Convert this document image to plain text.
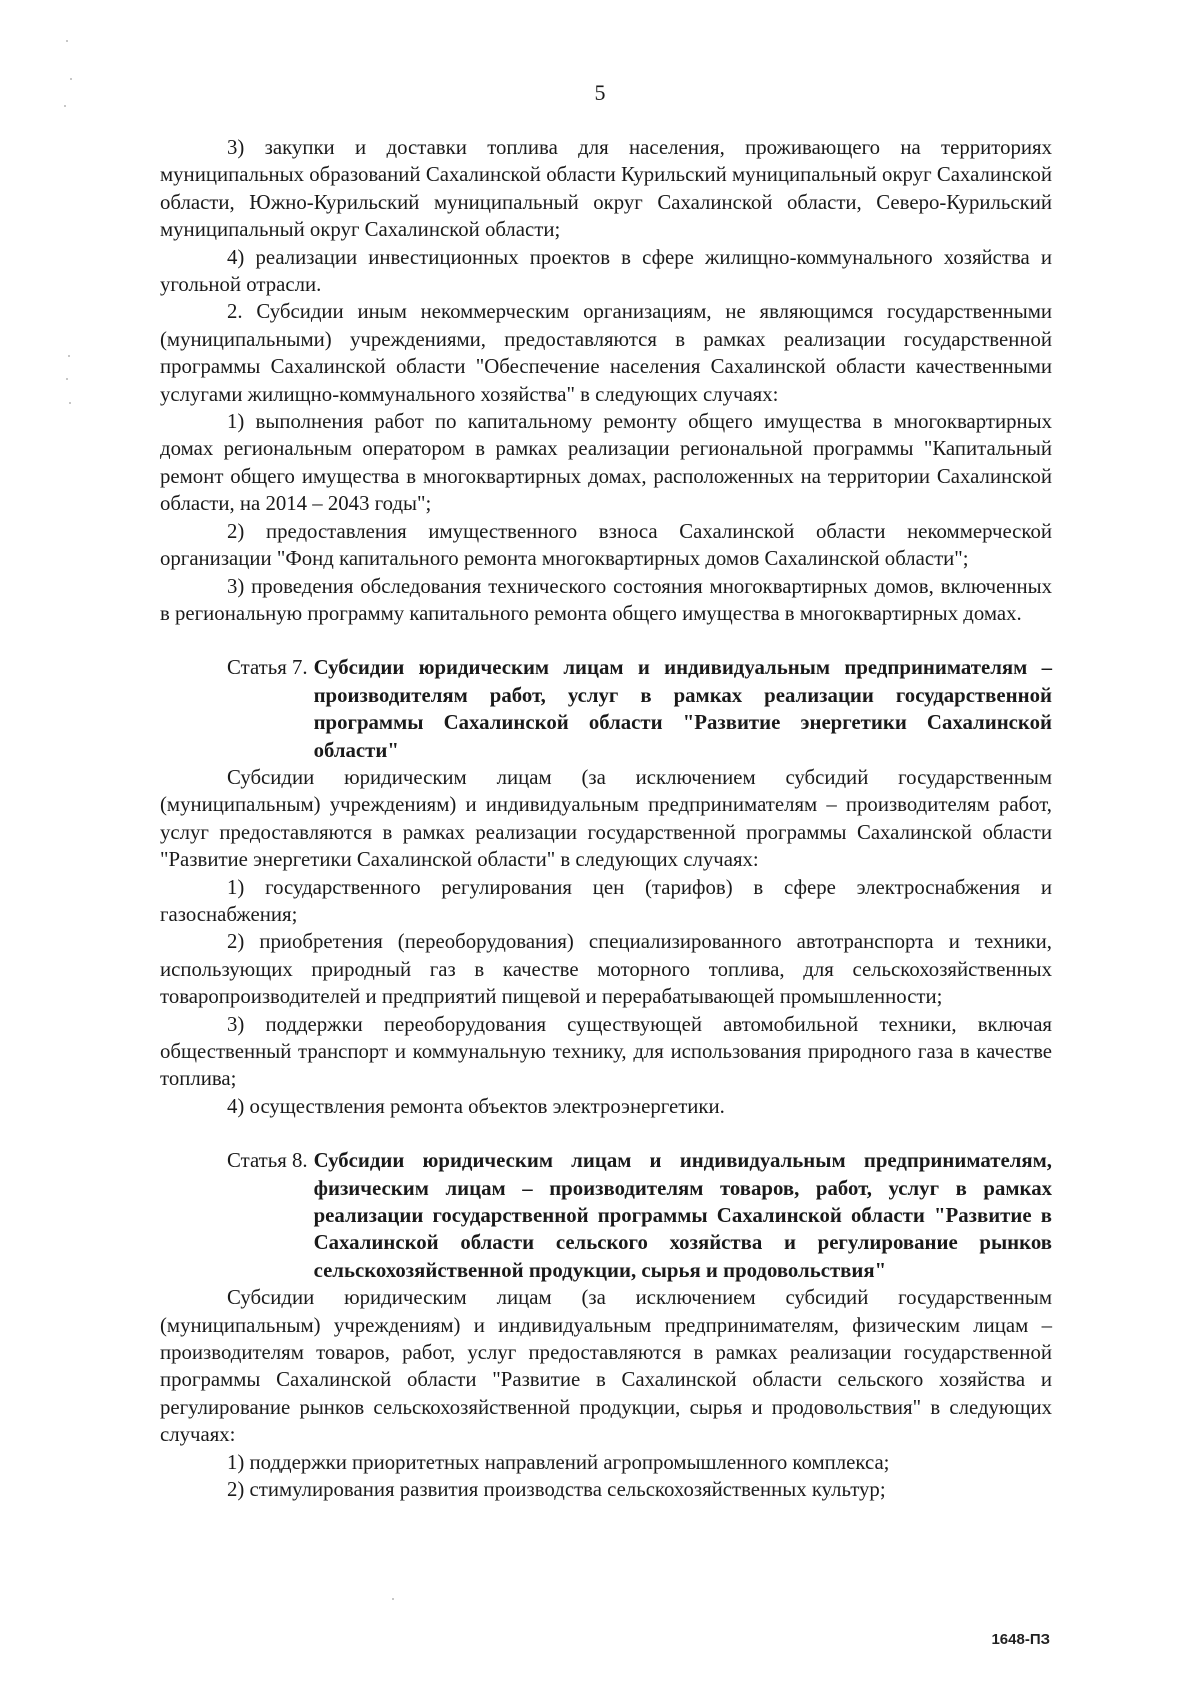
5

3) закупки и доставки топлива для населения, проживающего на территориях муниципальных образований Сахалинской области Курильский муниципальный округ Сахалинской области, Южно-Курильский муниципальный округ Сахалинской области, Северо-Курильский муниципальный округ Сахалинской области;

4) реализации инвестиционных проектов в сфере жилищно-коммунального хозяйства и угольной отрасли.

2. Субсидии иным некоммерческим организациям, не являющимся государственными (муниципальными) учреждениями, предоставляются в рамках реализации государственной программы Сахалинской области "Обеспечение населения Сахалинской области качественными услугами жилищно-коммунального хозяйства" в следующих случаях:

1) выполнения работ по капитальному ремонту общего имущества в многоквартирных домах региональным оператором в рамках реализации региональной программы "Капитальный ремонт общего имущества в многоквартирных домах, расположенных на территории Сахалинской области, на 2014 – 2043 годы";

2) предоставления имущественного взноса Сахалинской области некоммерческой организации "Фонд капитального ремонта многоквартирных домов Сахалинской области";

3) проведения обследования технического состояния многоквартирных домов, включенных в региональную программу капитального ремонта общего имущества в многоквартирных домах.

Статья 7. Субсидии юридическим лицам и индивидуальным предпринимателям – производителям работ, услуг в рамках реализации государственной программы Сахалинской области "Развитие энергетики Сахалинской области"

Субсидии юридическим лицам (за исключением субсидий государственным (муниципальным) учреждениям) и индивидуальным предпринимателям – производителям работ, услуг предоставляются в рамках реализации государственной программы Сахалинской области "Развитие энергетики Сахалинской области" в следующих случаях:

1) государственного регулирования цен (тарифов) в сфере электроснабжения и газоснабжения;

2) приобретения (переоборудования) специализированного автотранспорта и техники, использующих природный газ в качестве моторного топлива, для сельскохозяйственных товаропроизводителей и предприятий пищевой и перерабатывающей промышленности;

3) поддержки переоборудования существующей автомобильной техники, включая общественный транспорт и коммунальную технику, для использования природного газа в качестве топлива;

4) осуществления ремонта объектов электроэнергетики.

Статья 8. Субсидии юридическим лицам и индивидуальным предпринимателям, физическим лицам – производителям товаров, работ, услуг в рамках реализации государственной программы Сахалинской области "Развитие в Сахалинской области сельского хозяйства и регулирование рынков сельскохозяйственной продукции, сырья и продовольствия"

Субсидии юридическим лицам (за исключением субсидий государственным (муниципальным) учреждениям) и индивидуальным предпринимателям, физическим лицам – производителям товаров, работ, услуг предоставляются в рамках реализации государственной программы Сахалинской области "Развитие в Сахалинской области сельского хозяйства и регулирование рынков сельскохозяйственной продукции, сырья и продовольствия" в следующих случаях:

1) поддержки приоритетных направлений агропромышленного комплекса;

2) стимулирования развития производства сельскохозяйственных культур;

1648-ПЗ
